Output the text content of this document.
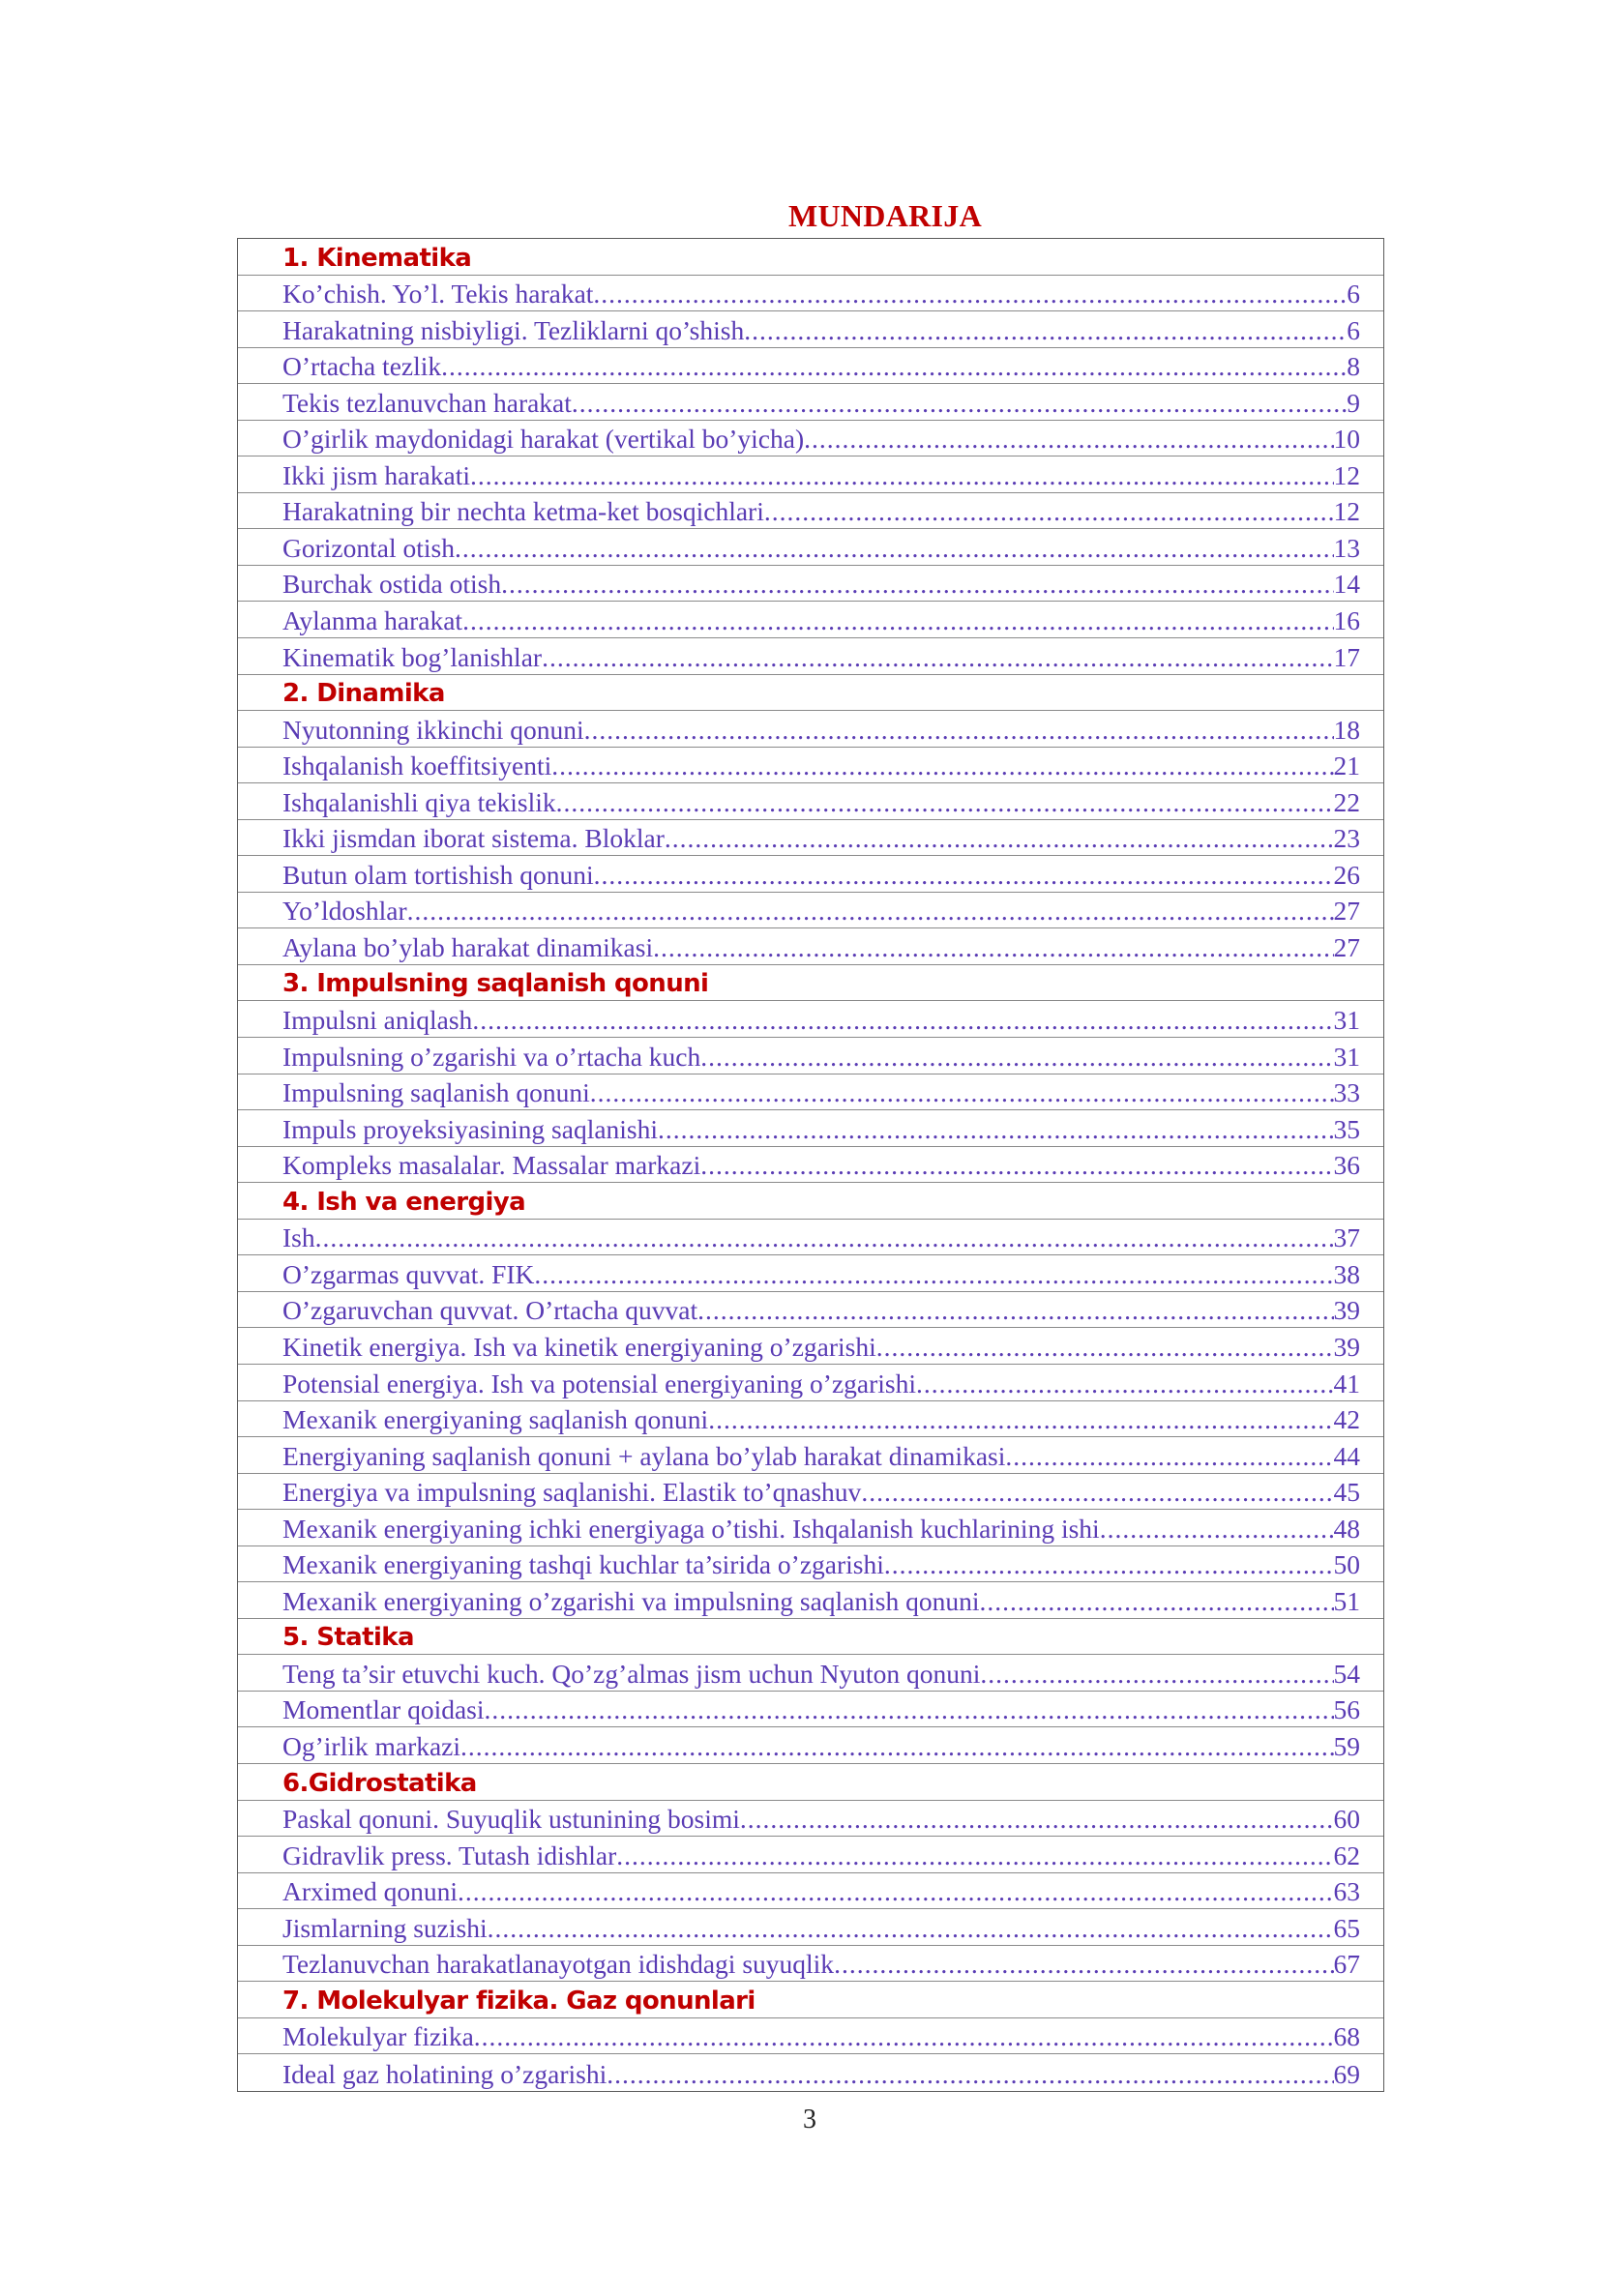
MUNDARIJA
1. Kinematika
Ko’chish. Yo’l. Tekis harakat .....	6
Harakatning nisbiyligi. Tezliklarni qo’shish .....	6
O’rtacha tezlik .....	8
Tekis tezlanuvchan harakat .....	9
O’girlik maydonidagi harakat (vertikal bo’yicha) .....	10
Ikki jism harakati .....	12
Harakatning bir nechta ketma-ket bosqichlari .....	12
Gorizontal otish .....	13
Burchak ostida otish .....	14
Aylanma harakat .....	16
Kinematik bog’lanishlar .....	17
2. Dinamika
Nyutonning ikkinchi qonuni .....	18
Ishqalanish koeffitsiyenti .....	21
Ishqalanishli qiya tekislik .....	22
Ikki jismdan iborat sistema. Bloklar .....	23
Butun olam tortishish qonuni .....	26
Yo’ldoshlar .....	27
Aylana bo’ylab harakat dinamikasi .....	27
3. Impulsning saqlanish qonuni
Impulsni aniqlash .....	31
Impulsning o’zgarishi va o’rtacha kuch .....	31
Impulsning saqlanish qonuni .....	33
Impuls proyeksiyasining saqlanishi .....	35
Kompleks masalalar. Massalar markazi .....	36
4. Ish va energiya
Ish .....	37
O’zgarmas quvvat. FIK .....	38
O’zgaruvchan quvvat. O’rtacha quvvat .....	39
Kinetik energiya. Ish va kinetik energiyaning o’zgarishi .....	39
Potensial energiya. Ish va potensial energiyaning o’zgarishi .....	41
Mexanik energiyaning saqlanish qonuni .....	42
Energiyaning saqlanish qonuni + aylana bo’ylab harakat dinamikasi .....	44
Energiya va impulsning saqlanishi. Elastik to’qnashuv .....	45
Mexanik energiyaning ichki energiyaga o’tishi. Ishqalanish kuchlarining ishi .....	48
Mexanik energiyaning tashqi kuchlar ta’sirida o’zgarishi .....	50
Mexanik energiyaning o’zgarishi va impulsning saqlanish qonuni .....	51
5. Statika
Teng ta’sir etuvchi kuch. Qo’zg’almas jism uchun Nyuton qonuni .....	54
Momentlar qoidasi .....	56
Og’irlik markazi .....	59
6.Gidrostatika
Paskal qonuni. Suyuqlik ustunining bosimi .....	60
Gidravlik press. Tutash idishlar .....	62
Arximed qonuni .....	63
Jismlarning suzishi .....	65
Tezlanuvchan harakatlanayotgan idishdagi suyuqlik .....	67
7. Molekulyar fizika. Gaz qonunlari
Molekulyar fizika .....	68
Ideal gaz holatining o’zgarishi .....	69
3
